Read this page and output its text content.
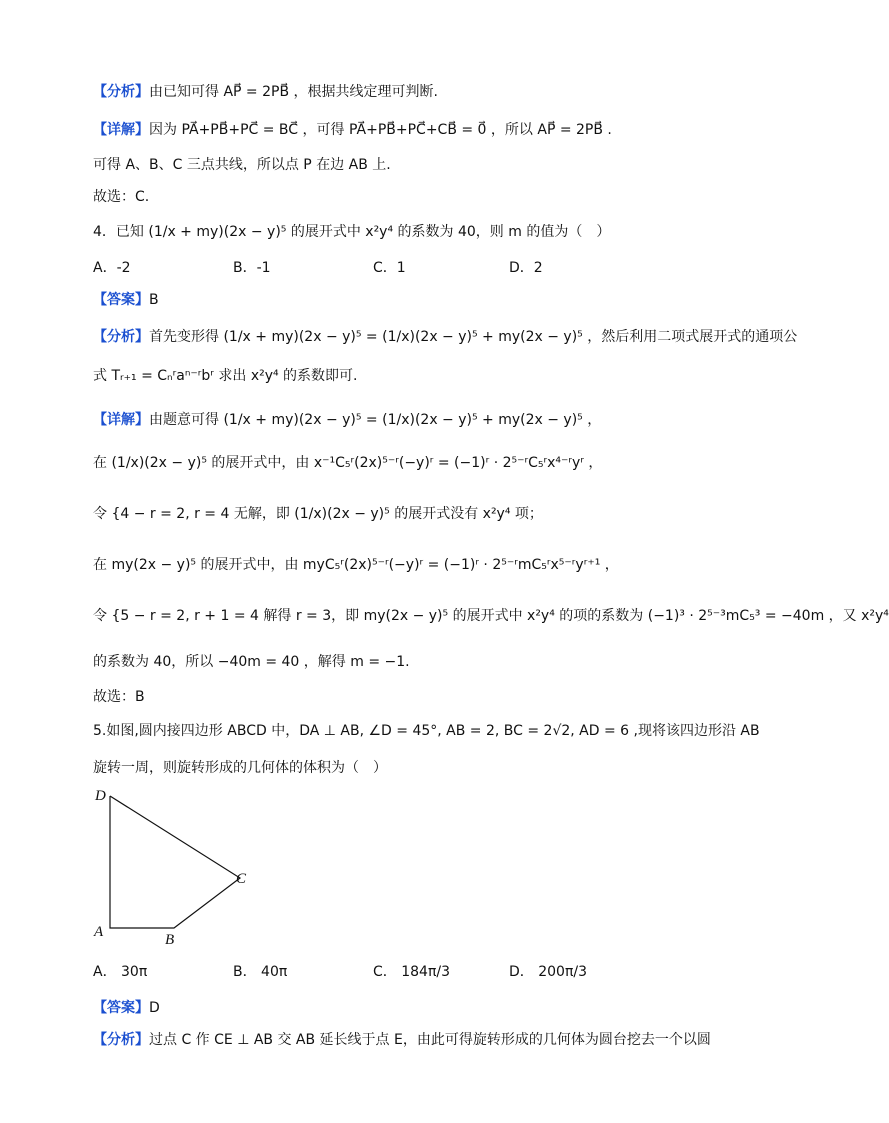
【分析】由已知可得 AP⃗ = 2PB⃗ ，根据共线定理可判断.
【详解】因为 PA⃗+PB⃗+PC⃗ = BC⃗ ，可得 PA⃗+PB⃗+PC⃗+CB⃗ = 0⃗ ，所以 AP⃗ = 2PB⃗ .
可得 A、B、C 三点共线，所以点 P 在边 AB 上.
故选：C.
4．已知 (1/x + my)(2x − y)⁵ 的展开式中 x²y⁴ 的系数为 40，则 m 的值为（　）
A．-2	B．-1	C．1	D．2
【答案】B
【分析】首先变形得 (1/x + my)(2x − y)⁵ = (1/x)(2x − y)⁵ + my(2x − y)⁵ ，然后利用二项式展开式的通项公
式 Tᵣ₊₁ = Cₙʳaⁿ⁻ʳbʳ 求出 x²y⁴ 的系数即可.
【详解】由题意可得 (1/x + my)(2x − y)⁵ = (1/x)(2x − y)⁵ + my(2x − y)⁵ ，
在 (1/x)(2x − y)⁵ 的展开式中，由 x⁻¹C₅ʳ(2x)⁵⁻ʳ(−y)ʳ = (−1)ʳ · 2⁵⁻ʳC₅ʳx⁴⁻ʳyʳ ，
令 {4 − r = 2, r = 4 无解，即 (1/x)(2x − y)⁵ 的展开式没有 x²y⁴ 项；
在 my(2x − y)⁵ 的展开式中，由 myC₅ʳ(2x)⁵⁻ʳ(−y)ʳ = (−1)ʳ · 2⁵⁻ʳmC₅ʳx⁵⁻ʳyʳ⁺¹ ，
令 {5 − r = 2, r + 1 = 4 解得 r = 3，即 my(2x − y)⁵ 的展开式中 x²y⁴ 的项的系数为 (−1)³ · 2⁵⁻³mC₅³ = −40m ，又 x²y⁴
的系数为 40，所以 −40m = 40 ，解得 m = −1.
故选：B
5.如图,圆内接四边形 ABCD 中，DA ⊥ AB, ∠D = 45°, AB = 2, BC = 2√2, AD = 6 ,现将该四边形沿 AB
旋转一周，则旋转形成的几何体的体积为（　）
D
C
A	B
A． 30π	B． 40π	C． 184π/3	D． 200π/3
【答案】D
【分析】过点 C 作 CE ⊥ AB 交 AB 延长线于点 E，由此可得旋转形成的几何体为圆台挖去一个以圆
